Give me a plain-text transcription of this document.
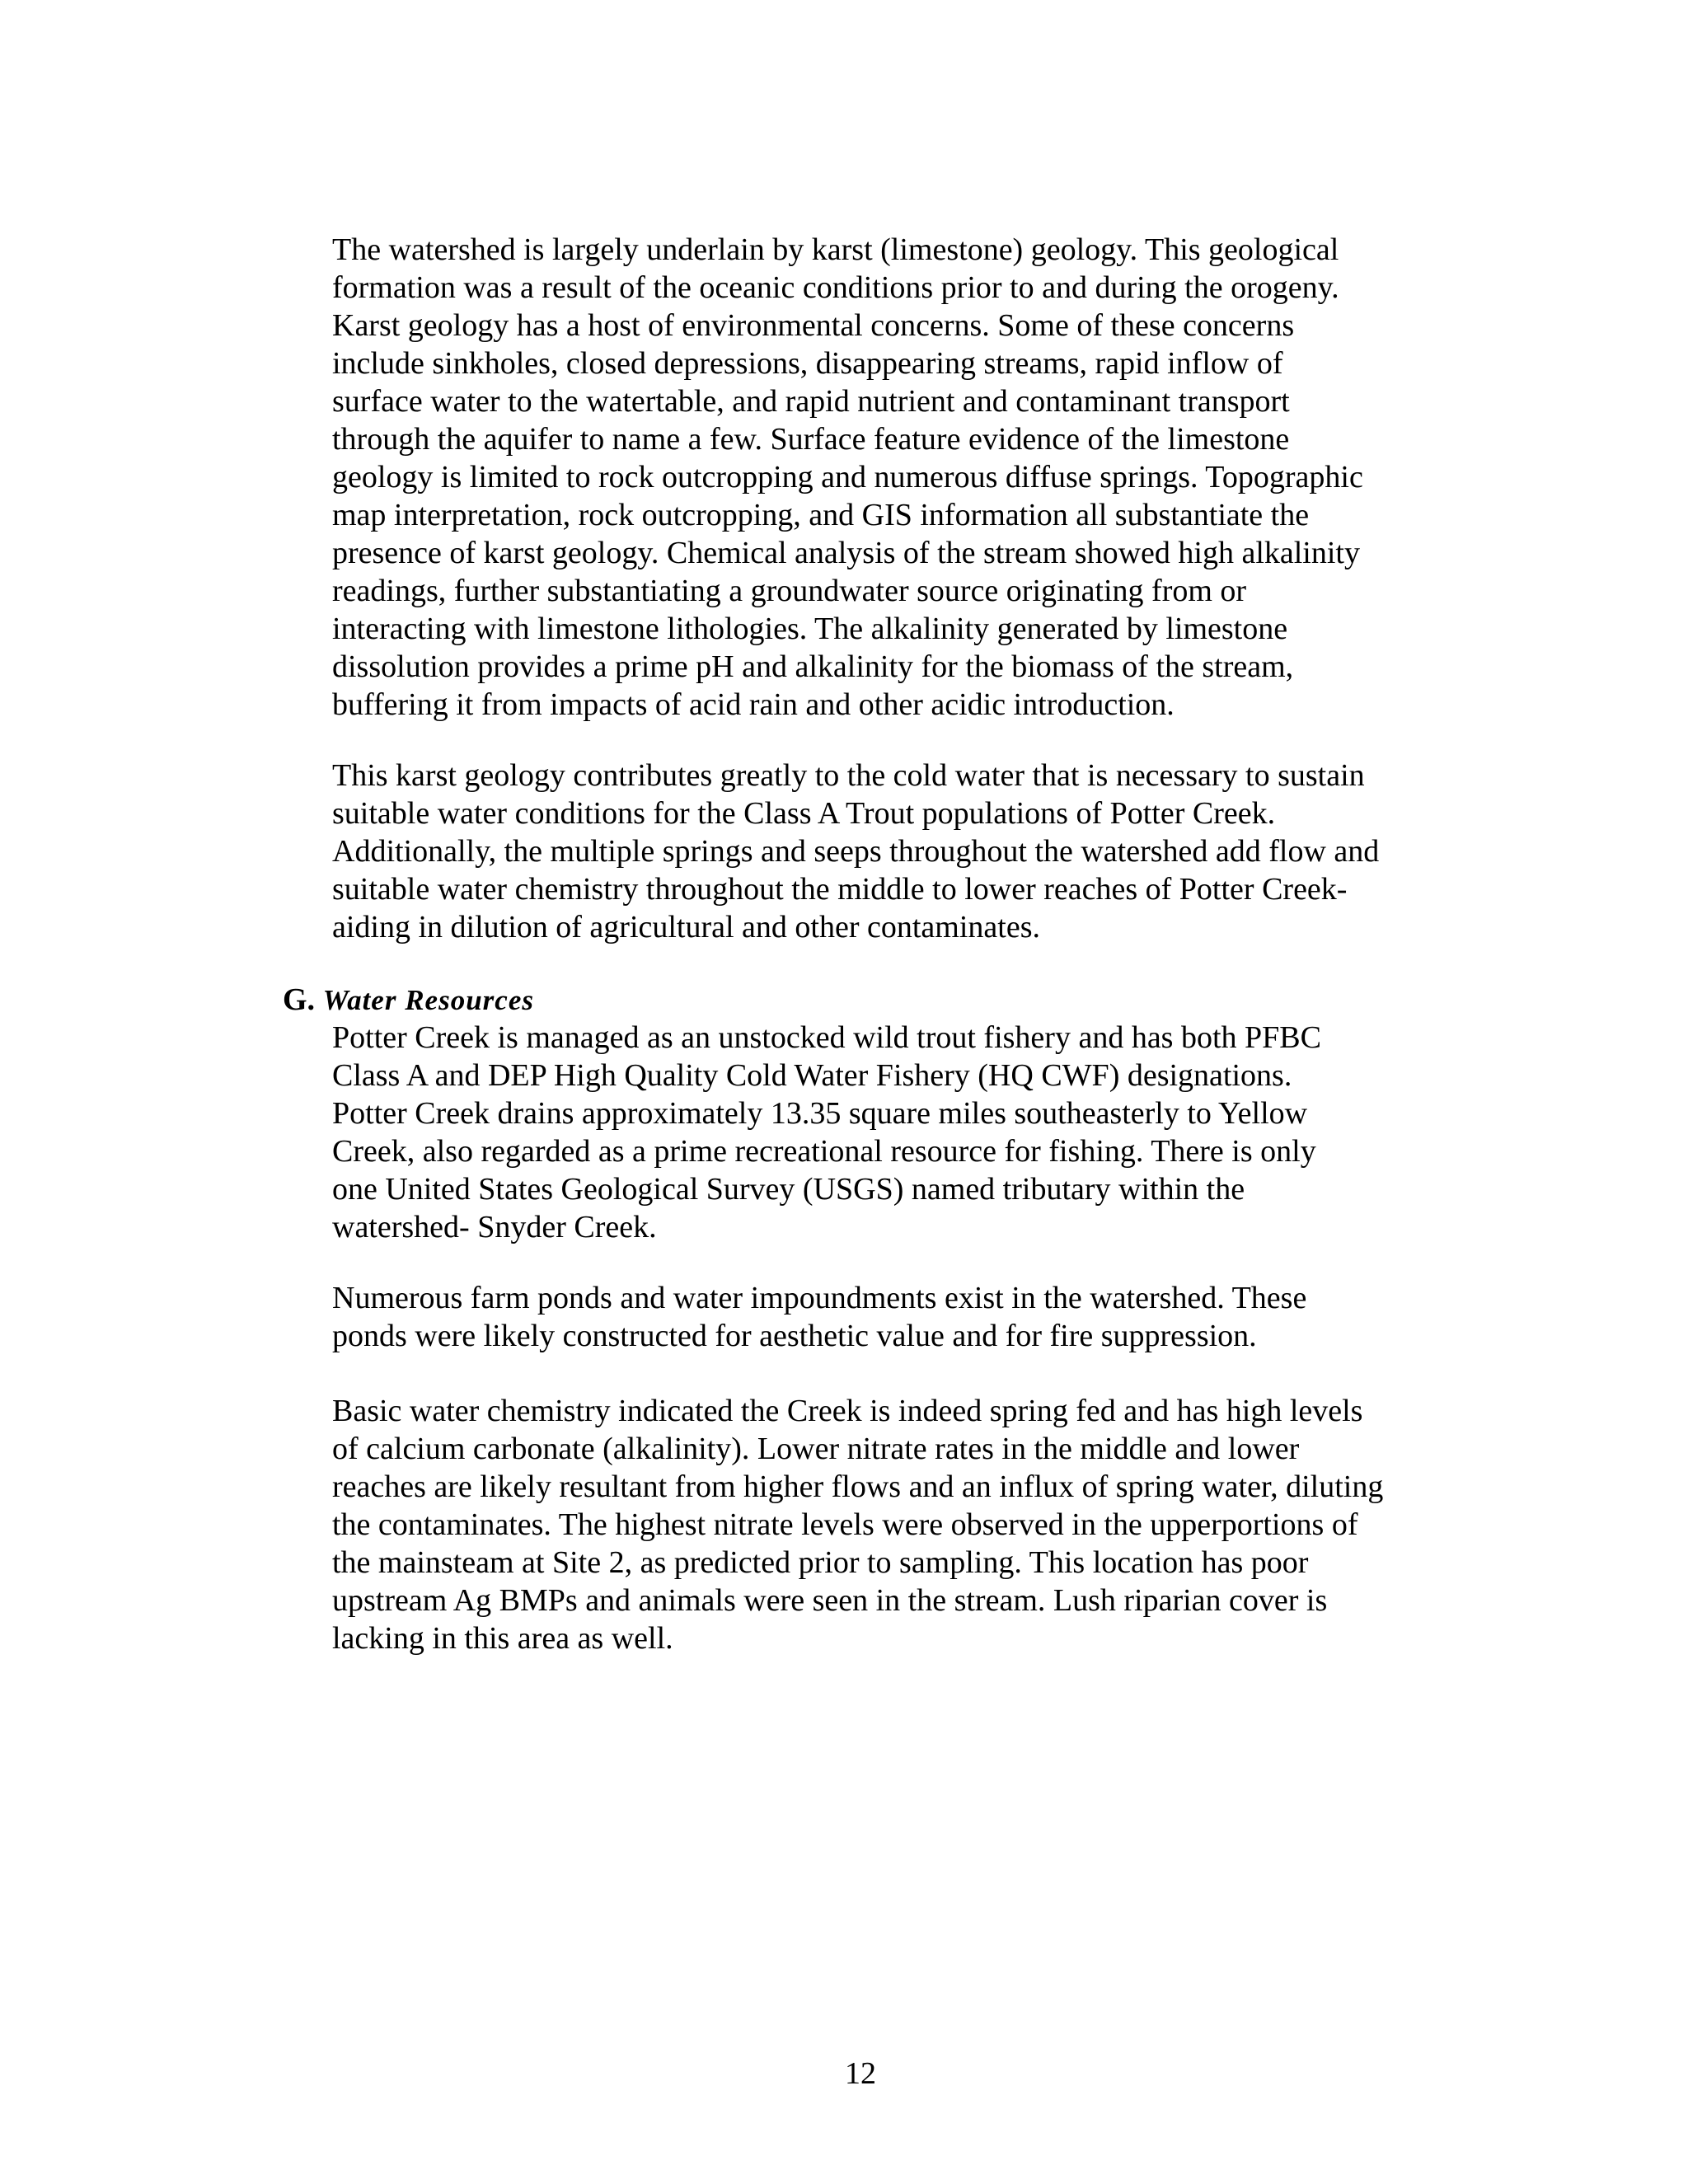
The watershed is largely underlain by karst (limestone) geology. This geological
formation was a result of the oceanic conditions prior to and during the orogeny.
Karst geology has a host of environmental concerns. Some of these concerns
include sinkholes, closed depressions, disappearing streams, rapid inflow of
surface water to the watertable, and rapid nutrient and contaminant transport
through the aquifer to name a few. Surface feature evidence of the limestone
geology is limited to rock outcropping and numerous diffuse springs. Topographic
map interpretation, rock outcropping, and GIS information all substantiate the
presence of karst geology. Chemical analysis of the stream showed high alkalinity
readings, further substantiating a groundwater source originating from or
interacting with limestone lithologies. The alkalinity generated by limestone
dissolution provides a prime pH and alkalinity for the biomass of the stream,
buffering it from impacts of acid rain and other acidic introduction.
This karst geology contributes greatly to the cold water that is necessary to sustain
suitable water conditions for the Class A Trout populations of Potter Creek.
Additionally, the multiple springs and seeps throughout the watershed add flow and
suitable water chemistry throughout the middle to lower reaches of Potter Creek-
aiding in dilution of agricultural and other contaminates.
G. Water Resources
Potter Creek is managed as an unstocked wild trout fishery and has both PFBC
Class A and DEP High Quality Cold Water Fishery (HQ CWF) designations.
Potter Creek drains approximately 13.35 square miles southeasterly to Yellow
Creek, also regarded as a prime recreational resource for fishing. There is only
one United States Geological Survey (USGS) named tributary within the
watershed- Snyder Creek.
Numerous farm ponds and water impoundments exist in the watershed. These
ponds were likely constructed for aesthetic value and for fire suppression.
Basic water chemistry indicated the Creek is indeed spring fed and has high levels
of calcium carbonate (alkalinity). Lower nitrate rates in the middle and lower
reaches are likely resultant from higher flows and an influx of spring water, diluting
the contaminates. The highest nitrate levels were observed in the upperportions of
the mainsteam at Site 2, as predicted prior to sampling. This location has poor
upstream Ag BMPs and animals were seen in the stream. Lush riparian cover is
lacking in this area as well.
12
